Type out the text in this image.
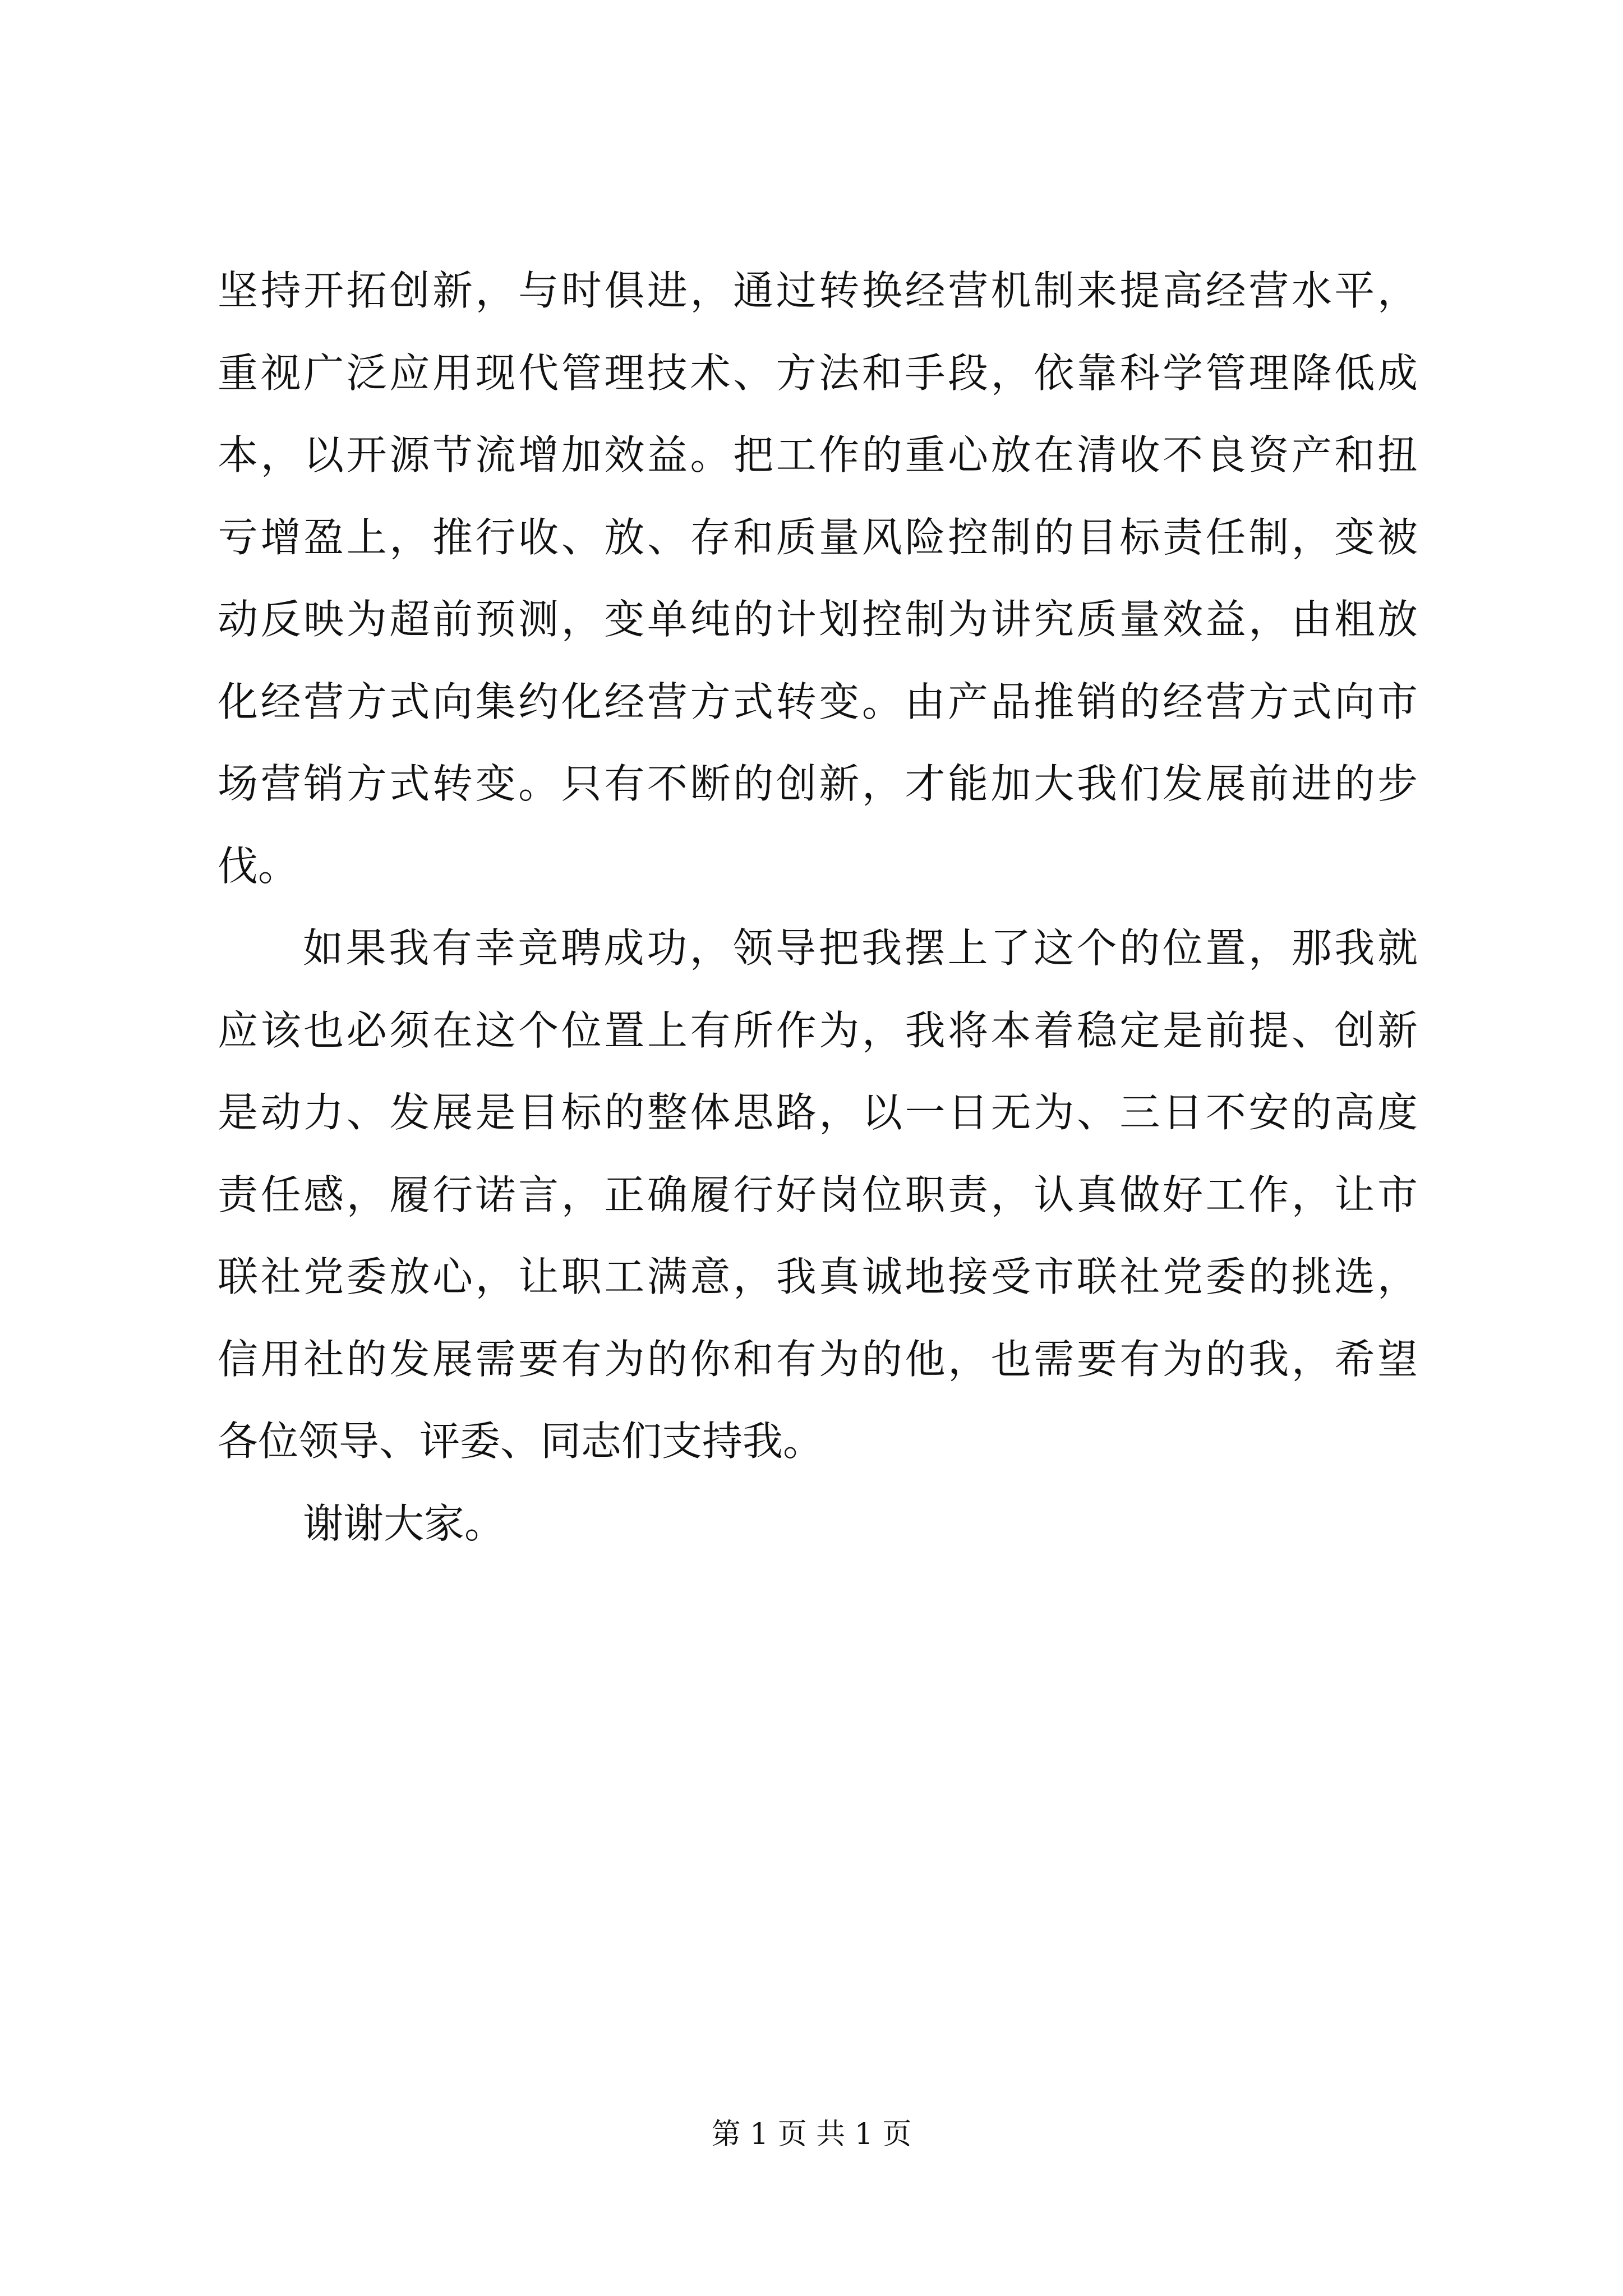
坚持开拓创新，与时俱进，通过转换经营机制来提高经营水平，
重视广泛应用现代管理技术、方法和手段，依靠科学管理降低成
本，以开源节流增加效益。把工作的重心放在清收不良资产和扭
亏增盈上，推行收、放、存和质量风险控制的目标责任制，变被
动反映为超前预测，变单纯的计划控制为讲究质量效益，由粗放
化经营方式向集约化经营方式转变。由产品推销的经营方式向市
场营销方式转变。只有不断的创新，才能加大我们发展前进的步
伐。
如果我有幸竞聘成功，领导把我摆上了这个的位置，那我就
应该也必须在这个位置上有所作为，我将本着稳定是前提、创新
是动力、发展是目标的整体思路，以一日无为、三日不安的高度
责任感，履行诺言，正确履行好岗位职责，认真做好工作，让市
联社党委放心，让职工满意，我真诚地接受市联社党委的挑选，
信用社的发展需要有为的你和有为的他，也需要有为的我，希望
各位领导、评委、同志们支持我。
谢谢大家。
第 1 页 共 1 页
